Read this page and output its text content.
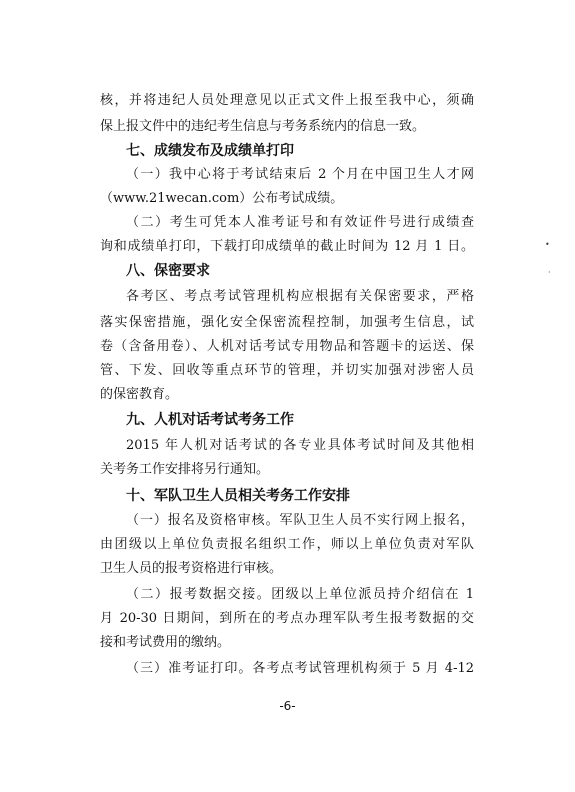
核，并将违纪人员处理意见以正式文件上报至我中心，须确
保上报文件中的违纪考生信息与考务系统内的信息一致。
七、成绩发布及成绩单打印
（一）我中心将于考试结束后 2 个月在中国卫生人才网
（www.21wecan.com）公布考试成绩。
（二）考生可凭本人准考证号和有效证件号进行成绩查
询和成绩单打印，下载打印成绩单的截止时间为 12 月 1 日。
八、保密要求
各考区、考点考试管理机构应根据有关保密要求，严格
落实保密措施，强化安全保密流程控制，加强考生信息，试
卷（含备用卷）、人机对话考试专用物品和答题卡的运送、保
管、下发、回收等重点环节的管理，并切实加强对涉密人员
的保密教育。
九、人机对话考试考务工作
2015 年人机对话考试的各专业具体考试时间及其他相
关考务工作安排将另行通知。
十、军队卫生人员相关考务工作安排
（一）报名及资格审核。军队卫生人员不实行网上报名，
由团级以上单位负责报名组织工作，师以上单位负责对军队
卫生人员的报考资格进行审核。
（二）报考数据交接。团级以上单位派员持介绍信在 1
月 20-30 日期间，到所在的考点办理军队考生报考数据的交
接和考试费用的缴纳。
（三）准考证打印。各考点考试管理机构须于 5 月 4-12
-6-
•
·
